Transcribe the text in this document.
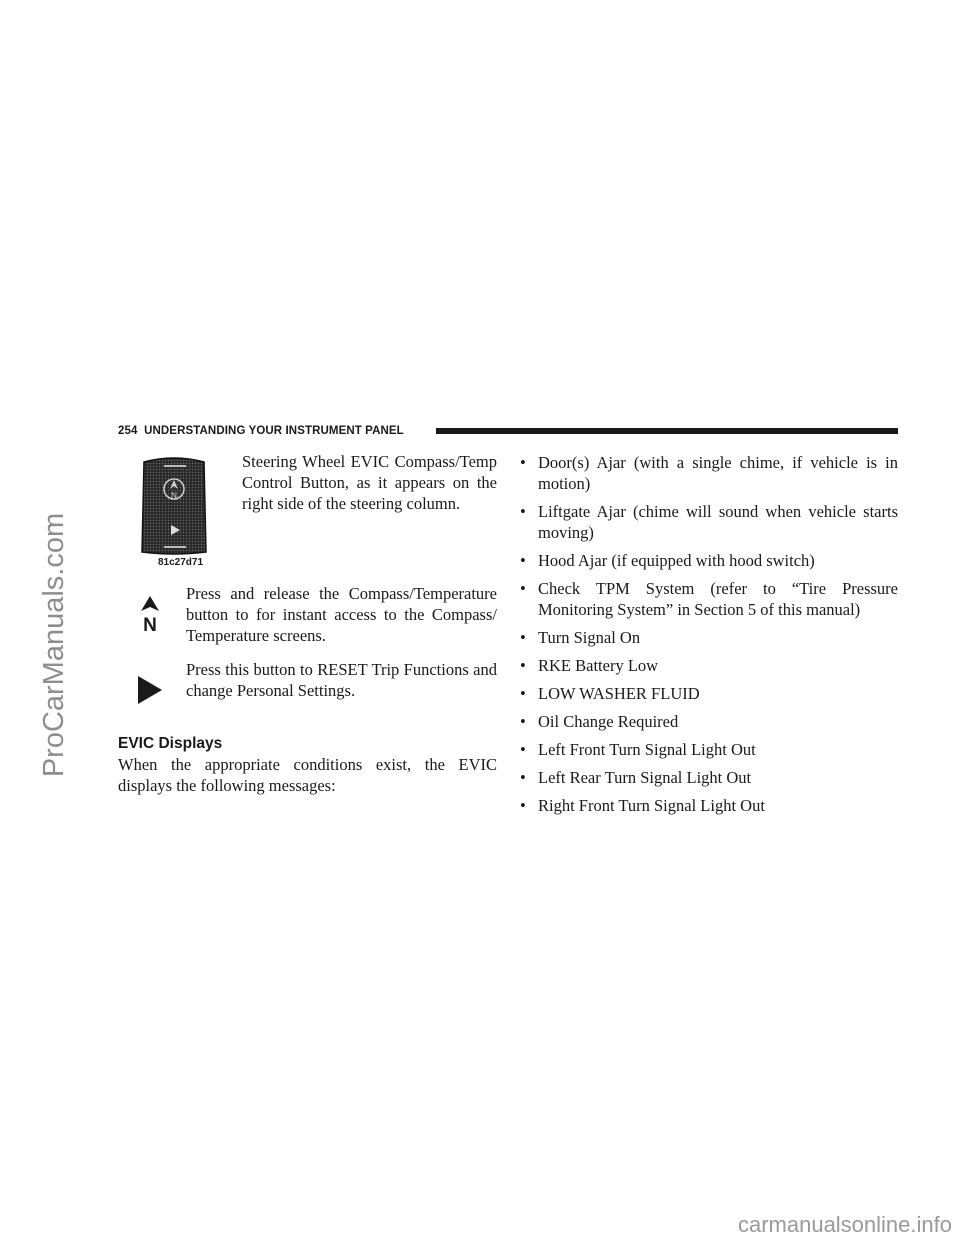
ProCarManuals.com
carmanualsonline.info
254 UNDERSTANDING YOUR INSTRUMENT PANEL
N
81c27d71
Steering Wheel EVIC Compass/Temp Control Button, as it appears on the right side of the steering column.
N
Press and release the Compass/Temperature button to for instant access to the Compass/ Temperature screens.
Press this button to RESET Trip Functions and change Personal Settings.
EVIC Displays
When the appropriate conditions exist, the EVIC displays the following messages:
• Door(s) Ajar (with a single chime, if vehicle is in motion)
• Liftgate Ajar (chime will sound when vehicle starts moving)
• Hood Ajar (if equipped with hood switch)
• Check TPM System (refer to “Tire Pressure Monitoring System” in Section 5 of this manual)
• Turn Signal On
• RKE Battery Low
• LOW WASHER FLUID
• Oil Change Required
• Left Front Turn Signal Light Out
• Left Rear Turn Signal Light Out
• Right Front Turn Signal Light Out
